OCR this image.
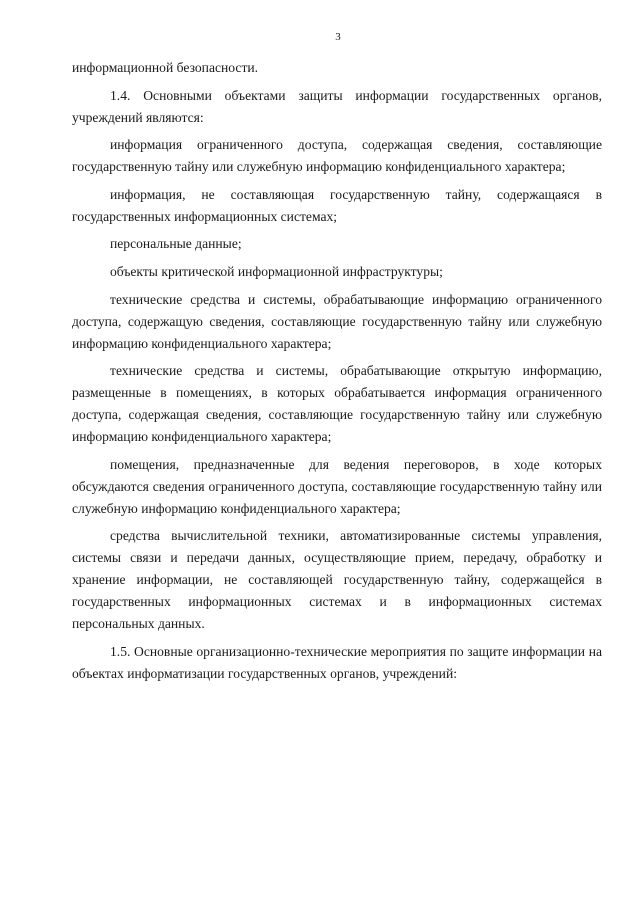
3

информационной безопасности.

1.4. Основными объектами защиты информации государственных органов, учреждений являются:

информация ограниченного доступа, содержащая сведения, составляющие государственную тайну или служебную информацию конфиденциального характера;

информация, не составляющая государственную тайну, содержащаяся в государственных информационных системах;

персональные данные;

объекты критической информационной инфраструктуры;

технические средства и системы, обрабатывающие информацию ограниченного доступа, содержащую сведения, составляющие государственную тайну или служебную информацию конфиденциального характера;

технические средства и системы, обрабатывающие открытую информацию, размещенные в помещениях, в которых обрабатывается информация ограниченного доступа, содержащая сведения, составляющие государственную тайну или служебную информацию конфиденциального характера;

помещения, предназначенные для ведения переговоров, в ходе которых обсуждаются сведения ограниченного доступа, составляющие государственную тайну или служебную информацию конфиденциального характера;

средства вычислительной техники, автоматизированные системы управления, системы связи и передачи данных, осуществляющие прием, передачу, обработку и хранение информации, не составляющей государственную тайну, содержащейся в государственных информационных системах и в информационных системах персональных данных.

1.5. Основные организационно-технические мероприятия по защите информации на объектах информатизации государственных органов, учреждений:
